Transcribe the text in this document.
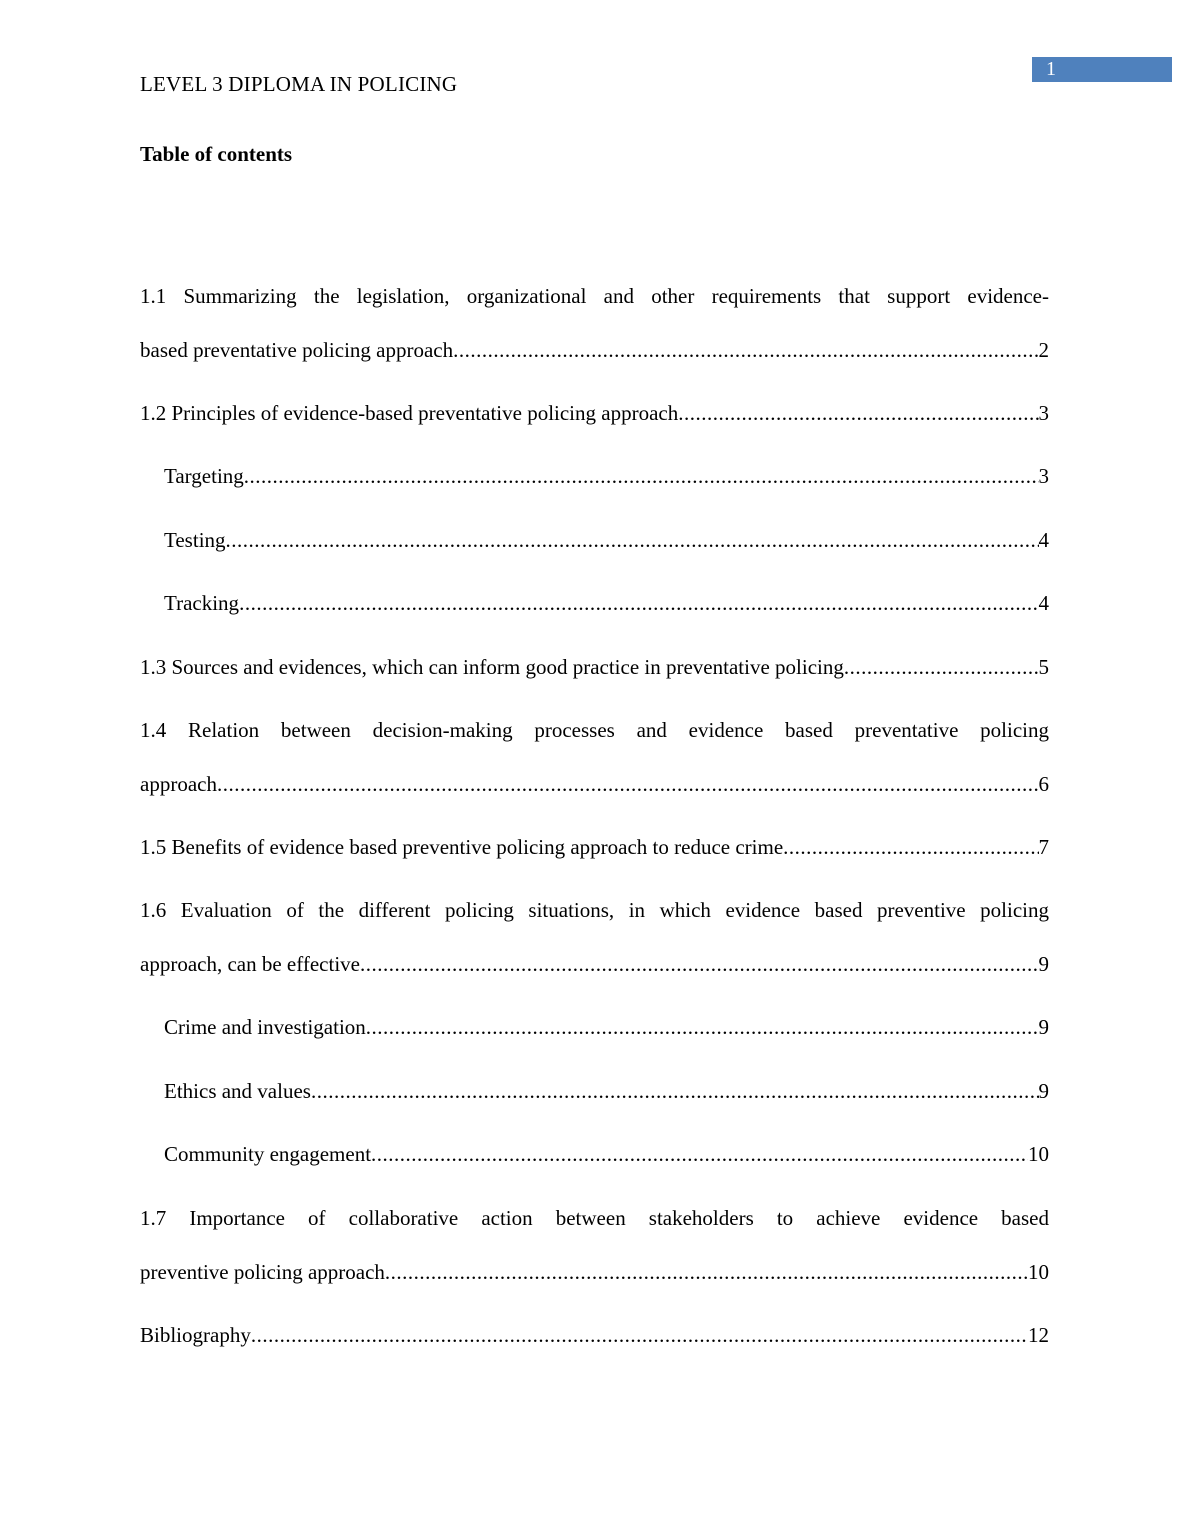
1
LEVEL 3 DIPLOMA IN POLICING
Table of contents
1.1 Summarizing the legislation, organizational and other requirements that support evidence-
based preventative policing approach .....	2
1.2 Principles of evidence-based preventative policing approach .....	3
Targeting .....	3
Testing .....	4
Tracking .....	4
1.3 Sources and evidences, which can inform good practice in preventative policing .....	5
1.4 Relation between decision-making processes and evidence based preventative policing
approach .....	6
1.5 Benefits of evidence based preventive policing approach to reduce crime .....	7
1.6 Evaluation of the different policing situations, in which evidence based preventive policing
approach, can be effective .....	9
Crime and investigation .....	9
Ethics and values .....	9
Community engagement .....	10
1.7 Importance of collaborative action between stakeholders to achieve evidence based
preventive policing approach .....	10
Bibliography .....	12
